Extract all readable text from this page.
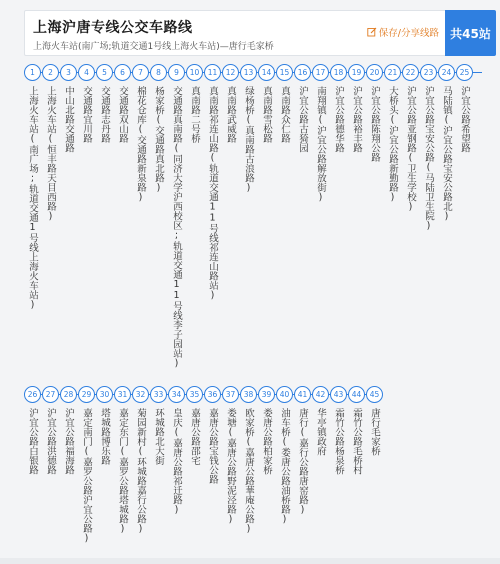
上海沪唐专线公交车路线
上海火车站(南广场;轨道交通1号线上海火车站)—唐行毛家桥
保存/分享线路 共45站
1
上海火车站(南广场;轨道交通1号线上海火车站)
2
上海火车站(恒丰路天目西路)
3
中山北路交通路
4
交通路宜川路
5
交通路志丹路
6
交通路双山路
7
棉花仓库(交通路新泉路)
8
杨家桥(交通路真北路)
9
交通路真南路(同济大学沪西校区;轨道交通11号线李子园站)
10
真南路二号桥
11
真南路祁连山路(轨道交通11号线祁连山路站)
12
真南路武威路
13
绿杨桥(真南路古浪路)
14
真南路雪松路
15
真南路众仁路
16
沪宜公路古猗园
17
南翔镇(沪宜公路解放街)
18
沪宜公路德华路
19
沪宜公路裕丰路
20
沪宜公路陈翔公路
21
大桥头(沪宜公路新勤路)
22
沪宜公路亚钢路(卫生学校)
23
沪宜公路宝安公路(马陆卫生院)
24
马陆镇(沪宜公路宝安公路北)
25
沪宜公路希望路
26
沪宜公路白银路
27
沪宜公路洪德路
28
沪宜公路福海路
29
嘉定南门(嘉罗公路沪宜公路)
30
塔城路博乐路
31
嘉定东门(嘉罗公路塔城路)
32
菊园新村(环城路嘉行公路)
33
环城路北大街
34
皇庆(嘉唐公路祁迁路)
35
嘉唐公路邵宅
36
嘉唐公路宝钱公路
37
娄塘(嘉唐公路野泥泾路)
38
欧家桥(嘉唐公路華庵公路)
39
娄唐公路柏家桥
40
油车桥(娄唐公路油桥路)
41
唐行(嘉行公路唐窑路)
42
华亭镇政府
43
霜竹公路杨泉桥
44
霜竹公路毛桥村
45
唐行毛家桥
